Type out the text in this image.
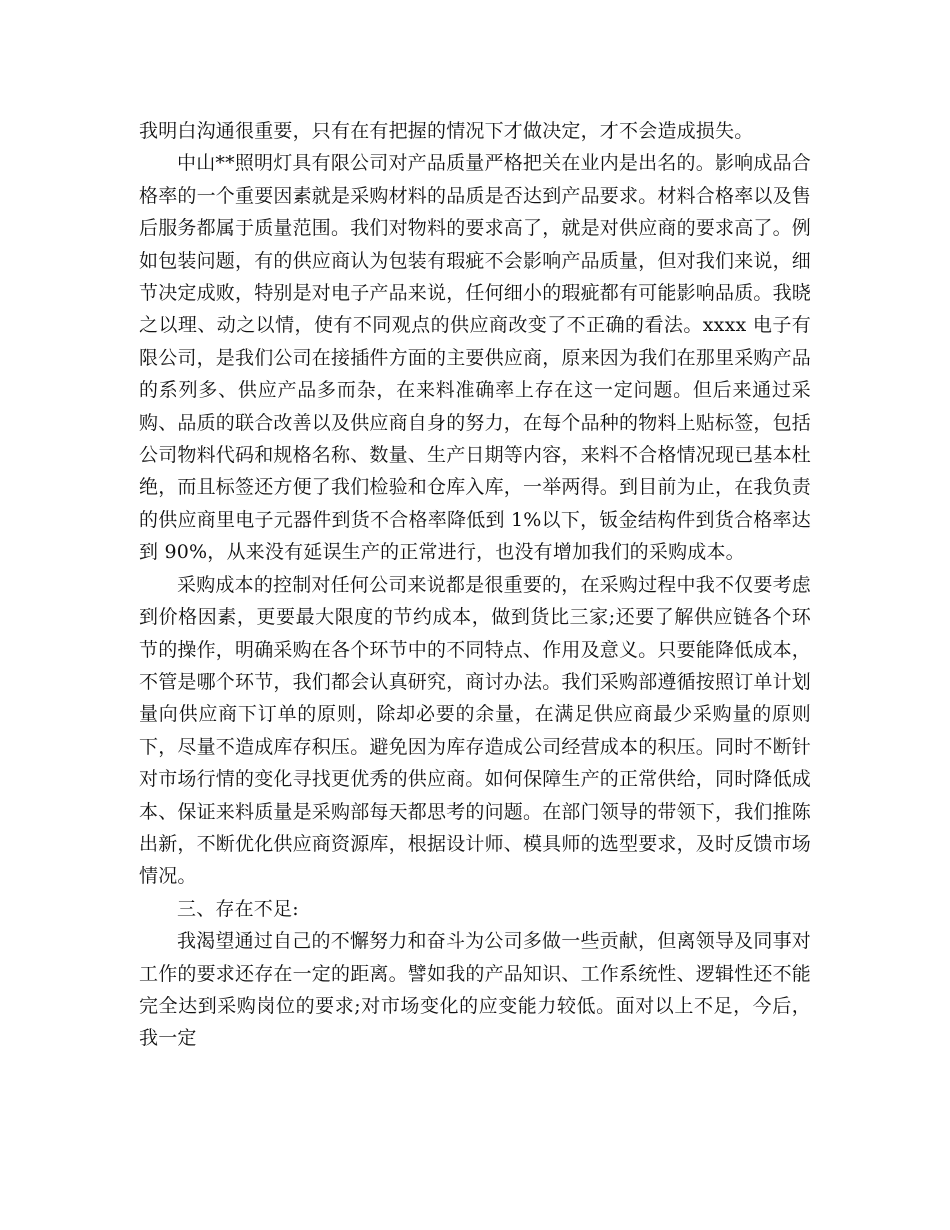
我明白沟通很重要，只有在有把握的情况下才做决定，才不会造成损失。

中山**照明灯具有限公司对产品质量严格把关在业内是出名的。影响成品合格率的一个重要因素就是采购材料的品质是否达到产品要求。材料合格率以及售后服务都属于质量范围。我们对物料的要求高了，就是对供应商的要求高了。例如包装问题，有的供应商认为包装有瑕疵不会影响产品质量，但对我们来说，细节决定成败，特别是对电子产品来说，任何细小的瑕疵都有可能影响品质。我晓之以理、动之以情，使有不同观点的供应商改变了不正确的看法。xxxx 电子有限公司，是我们公司在接插件方面的主要供应商，原来因为我们在那里采购产品的系列多、供应产品多而杂，在来料准确率上存在这一定问题。但后来通过采购、品质的联合改善以及供应商自身的努力，在每个品种的物料上贴标签，包括公司物料代码和规格名称、数量、生产日期等内容，来料不合格情况现已基本杜绝，而且标签还方便了我们检验和仓库入库，一举两得。到目前为止，在我负责的供应商里电子元器件到货不合格率降低到 1%以下，钣金结构件到货合格率达到 90%，从来没有延误生产的正常进行，也没有增加我们的采购成本。

采购成本的控制对任何公司来说都是很重要的，在采购过程中我不仅要考虑到价格因素，更要最大限度的节约成本，做到货比三家;还要了解供应链各个环节的操作，明确采购在各个环节中的不同特点、作用及意义。只要能降低成本，不管是哪个环节，我们都会认真研究，商讨办法。我们采购部遵循按照订单计划量向供应商下订单的原则，除却必要的余量，在满足供应商最少采购量的原则下，尽量不造成库存积压。避免因为库存造成公司经营成本的积压。同时不断针对市场行情的变化寻找更优秀的供应商。如何保障生产的正常供给，同时降低成本、保证来料质量是采购部每天都思考的问题。在部门领导的带领下，我们推陈出新，不断优化供应商资源库，根据设计师、模具师的选型要求，及时反馈市场情况。

三、存在不足:

我渴望通过自己的不懈努力和奋斗为公司多做一些贡献，但离领导及同事对工作的要求还存在一定的距离。譬如我的产品知识、工作系统性、逻辑性还不能完全达到采购岗位的要求;对市场变化的应变能力较低。面对以上不足，今后，我一定
